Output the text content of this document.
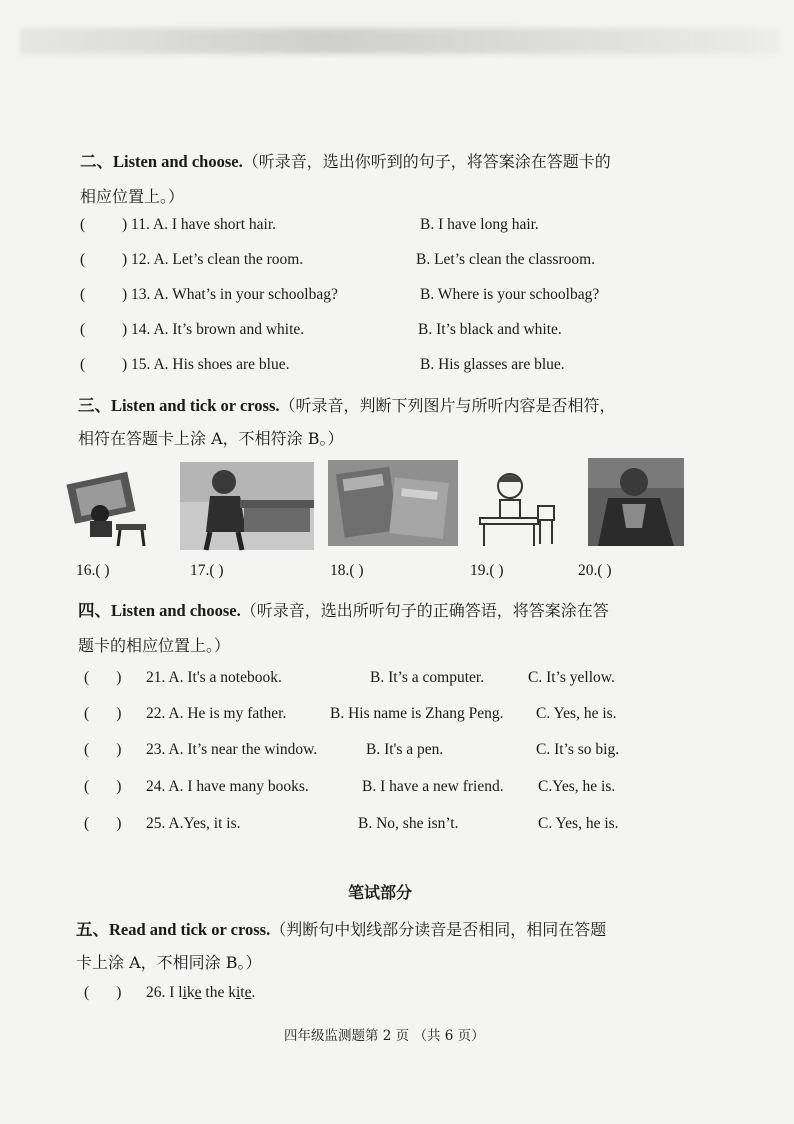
二、Listen and choose.（听录音，选出你听到的句子，将答案涂在答题卡的
相应位置上。）
( ) 11. A. I have short hair.	B. I have long hair.
( ) 12. A. Let’s clean the room.	B. Let’s clean the classroom.
( ) 13. A. What’s in your schoolbag?	B. Where is your schoolbag?
( ) 14. A. It’s brown and white.	B. It’s black and white.
( ) 15. A. His shoes are blue.	B. His glasses are blue.
三、Listen and tick or cross.（听录音，判断下列图片与所听内容是否相符，
相符在答题卡上涂 A，不相符涂 B。）
16.( )	17.( )	18.( )	19.( )	20.( )
四、Listen and choose.（听录音，选出所听句子的正确答语，将答案涂在答
题卡的相应位置上。）
(       ) 21. A. It's a notebook.	B. It’s a computer.	C. It’s yellow.
(       ) 22. A. He is my father.	B. His name is Zhang Peng. C. Yes, he is.
(       ) 23. A. It’s near the window.	B. It's a pen.	C. It’s so big.
(       ) 24. A. I have many books.	B. I have a new friend. C.Yes, he is.
(       ) 25. A.Yes, it is.	B. No, she isn’t.	C. Yes, he is.
笔试部分
五、Read and tick or cross.（判断句中划线部分读音是否相同，相同在答题
卡上涂 A，不相同涂 B。）
(       ) 26. I like the kite.
四年级监测题第 2 页 （共 6 页）
